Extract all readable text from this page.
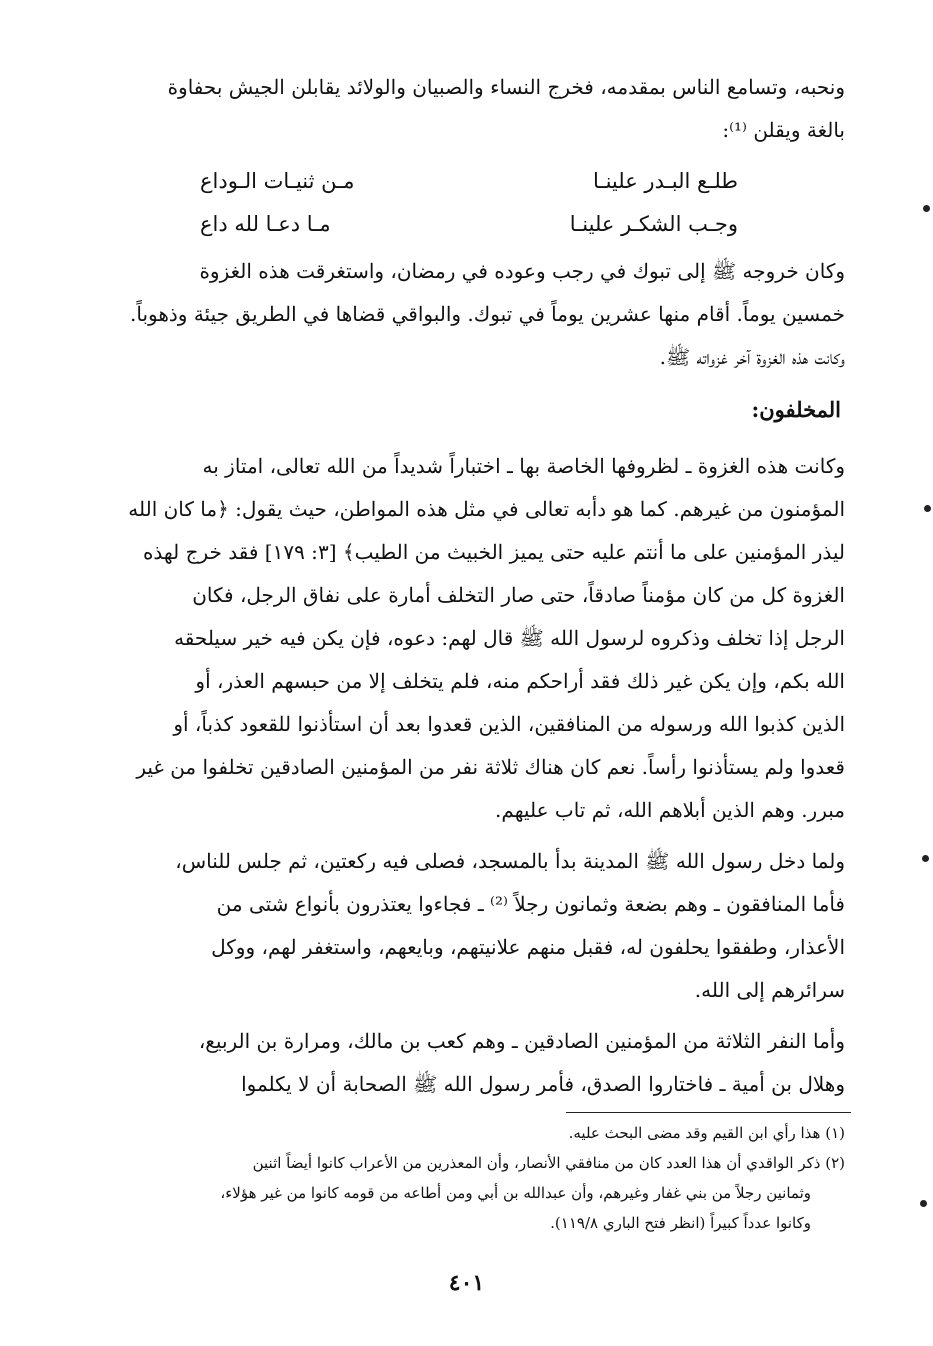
ونحبه، وتسامع الناس بمقدمه، فخرج النساء والصبيان والولائد يقابلن الجيش بحفاوة
بالغة ويقلن ⁽¹⁾:
طلـع البـدر علينـا
مـن ثنيـات الـوداع
وجـب الشكـر علينـا
مـا دعـا لله داع
وكان خروجه ﷺ إلى تبوك في رجب وعوده في رمضان، واستغرقت هذه الغزوة
خمسين يوماً. أقام منها عشرين يوماً في تبوك. والبواقي قضاها في الطريق جيئة وذهوباً.
وكانت هذه الغزوة آخر غزواته ﷺ.
المخلفون:
وكانت هذه الغزوة ـ لظروفها الخاصة بها ـ اختباراً شديداً من الله تعالى، امتاز به
المؤمنون من غيرهم. كما هو دأبه تعالى في مثل هذه المواطن، حيث يقول: ﴿ما كان الله
ليذر المؤمنين على ما أنتم عليه حتى يميز الخبيث من الطيب﴾ [٣: ١٧٩] فقد خرج لهذه
الغزوة كل من كان مؤمناً صادقاً، حتى صار التخلف أمارة على نفاق الرجل، فكان
الرجل إذا تخلف وذكروه لرسول الله ﷺ قال لهم: دعوه، فإن يكن فيه خير سيلحقه
الله بكم، وإن يكن غير ذلك فقد أراحكم منه، فلم يتخلف إلا من حبسهم العذر، أو
الذين كذبوا الله ورسوله من المنافقين، الذين قعدوا بعد أن استأذنوا للقعود كذباً، أو
قعدوا ولم يستأذنوا رأساً. نعم كان هناك ثلاثة نفر من المؤمنين الصادقين تخلفوا من غير
مبرر. وهم الذين أبلاهم الله، ثم تاب عليهم.
ولما دخل رسول الله ﷺ المدينة بدأ بالمسجد، فصلى فيه ركعتين، ثم جلس للناس،
فأما المنافقون ـ وهم بضعة وثمانون رجلاً ⁽²⁾ ـ فجاءوا يعتذرون بأنواع شتى من
الأعذار، وطفقوا يحلفون له، فقبل منهم علانيتهم، وبايعهم، واستغفر لهم، ووكل
سرائرهم إلى الله.
وأما النفر الثلاثة من المؤمنين الصادقين ـ وهم كعب بن مالك، ومرارة بن الربيع،
وهلال بن أمية ـ فاختاروا الصدق، فأمر رسول الله ﷺ الصحابة أن لا يكلموا
(١) هذا رأي ابن القيم وقد مضى البحث عليه.
(٢) ذكر الواقدي أن هذا العدد كان من منافقي الأنصار، وأن المعذرين من الأعراب كانوا أيضاً اثنين
وثمانين رجلاً من بني غفار وغيرهم، وأن عبدالله بن أبي ومن أطاعه من قومه كانوا من غير هؤلاء،
وكانوا عدداً كبيراً (انظر فتح الباري ١١٩/٨).
٤٠١
